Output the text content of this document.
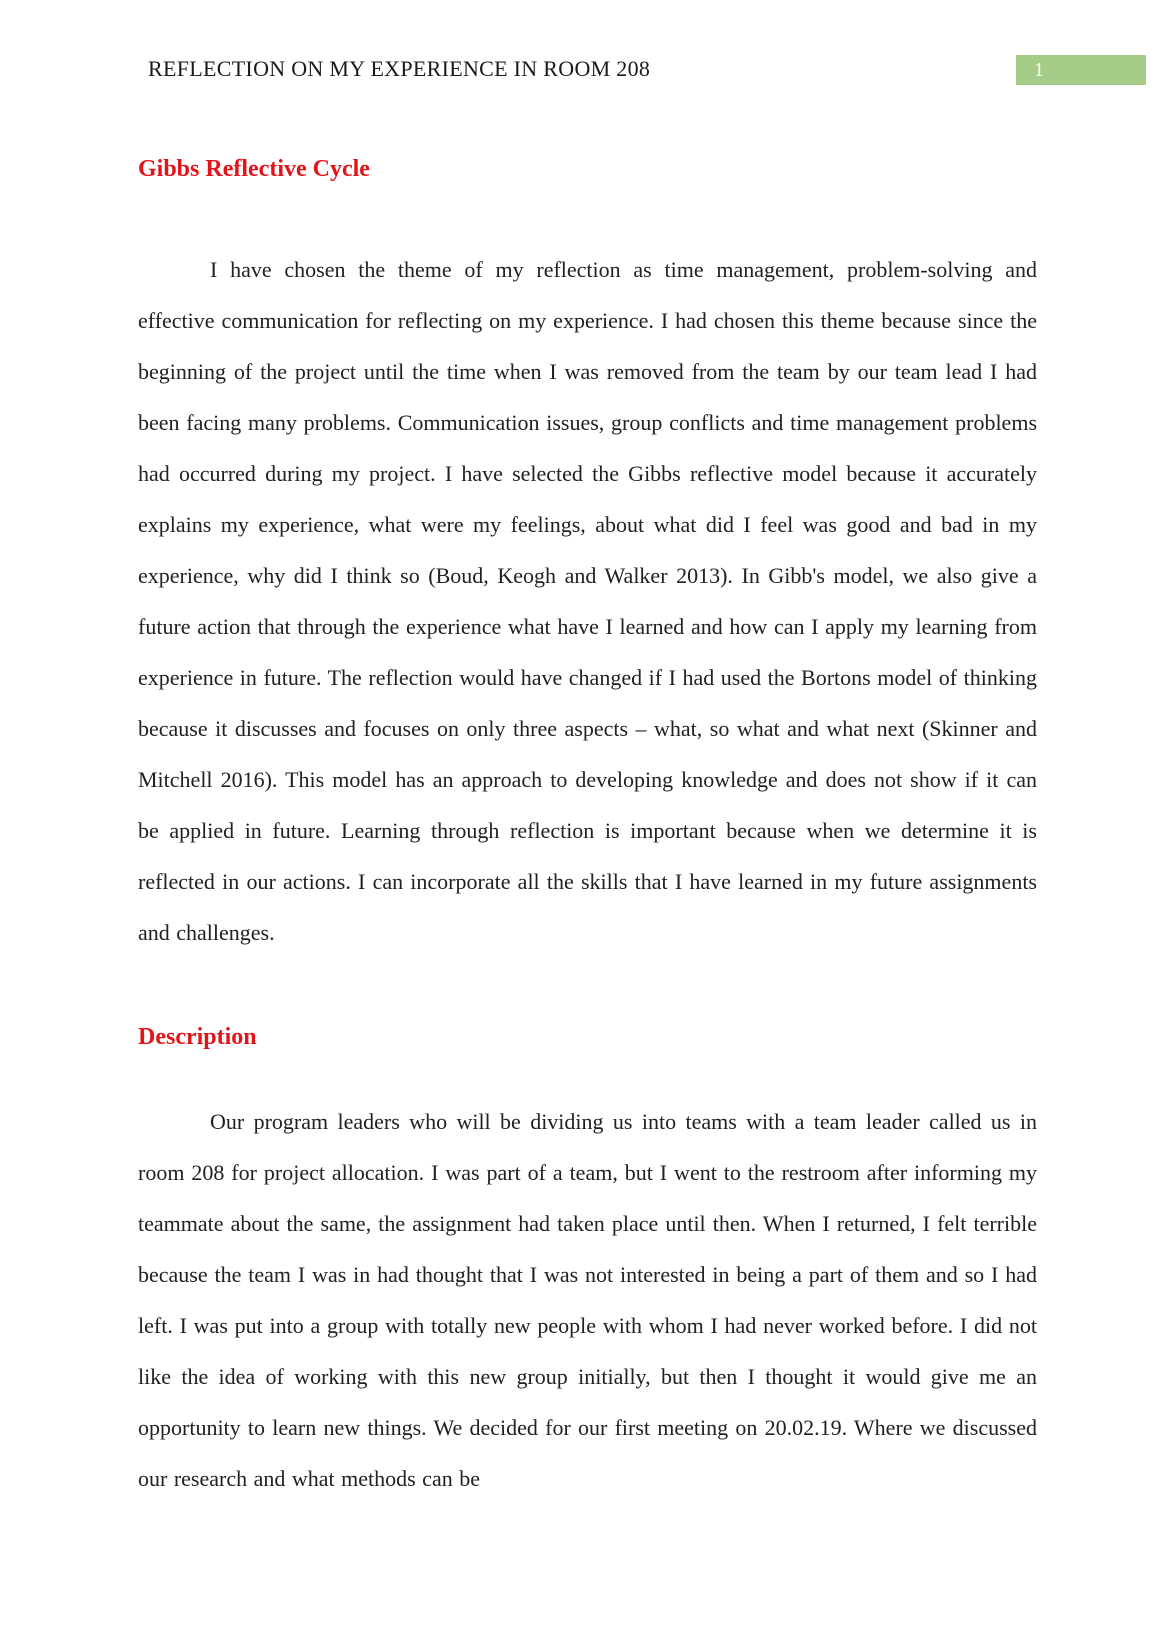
REFLECTION ON MY EXPERIENCE IN ROOM 208	1
Gibbs Reflective Cycle

I have chosen the theme of my reflection as time management, problem-solving and effective communication for reflecting on my experience. I had chosen this theme because since the beginning of the project until the time when I was removed from the team by our team lead I had been facing many problems. Communication issues, group conflicts and time management problems had occurred during my project. I have selected the Gibbs reflective model because it accurately explains my experience, what were my feelings, about what did I feel was good and bad in my experience, why did I think so (Boud, Keogh and Walker 2013). In Gibb's model, we also give a future action that through the experience what have I learned and how can I apply my learning from experience in future. The reflection would have changed if I had used the Bortons model of thinking because it discusses and focuses on only three aspects – what, so what and what next (Skinner and Mitchell 2016). This model has an approach to developing knowledge and does not show if it can be applied in future. Learning through reflection is important because when we determine it is reflected in our actions. I can incorporate all the skills that I have learned in my future assignments and challenges.

Description

Our program leaders who will be dividing us into teams with a team leader called us in room 208 for project allocation. I was part of a team, but I went to the restroom after informing my teammate about the same, the assignment had taken place until then. When I returned, I felt terrible because the team I was in had thought that I was not interested in being a part of them and so I had left. I was put into a group with totally new people with whom I had never worked before. I did not like the idea of working with this new group initially, but then I thought it would give me an opportunity to learn new things. We decided for our first meeting on 20.02.19. Where we discussed our research and what methods can be
